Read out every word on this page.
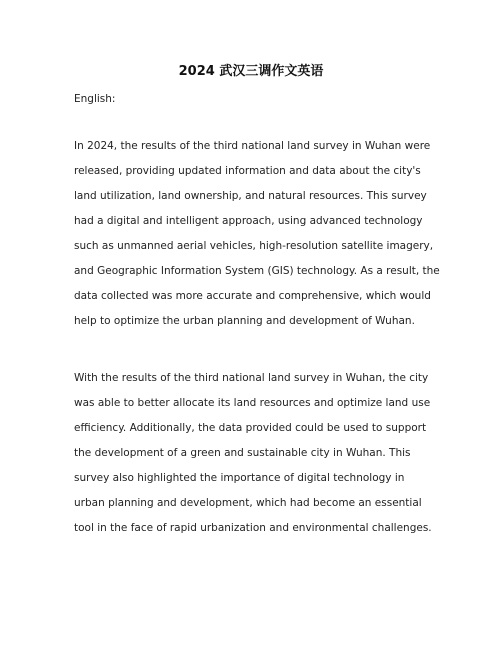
2024 武汉三调作文英语

English:

In 2024, the results of the third national land survey in Wuhan were
released, providing updated information and data about the city's
land utilization, land ownership, and natural resources. This survey
had a digital and intelligent approach, using advanced technology
such as unmanned aerial vehicles, high-resolution satellite imagery,
and Geographic Information System (GIS) technology. As a result, the
data collected was more accurate and comprehensive, which would
help to optimize the urban planning and development of Wuhan.

With the results of the third national land survey in Wuhan, the city
was able to better allocate its land resources and optimize land use
efficiency. Additionally, the data provided could be used to support
the development of a green and sustainable city in Wuhan. This
survey also highlighted the importance of digital technology in
urban planning and development, which had become an essential
tool in the face of rapid urbanization and environmental challenges.
